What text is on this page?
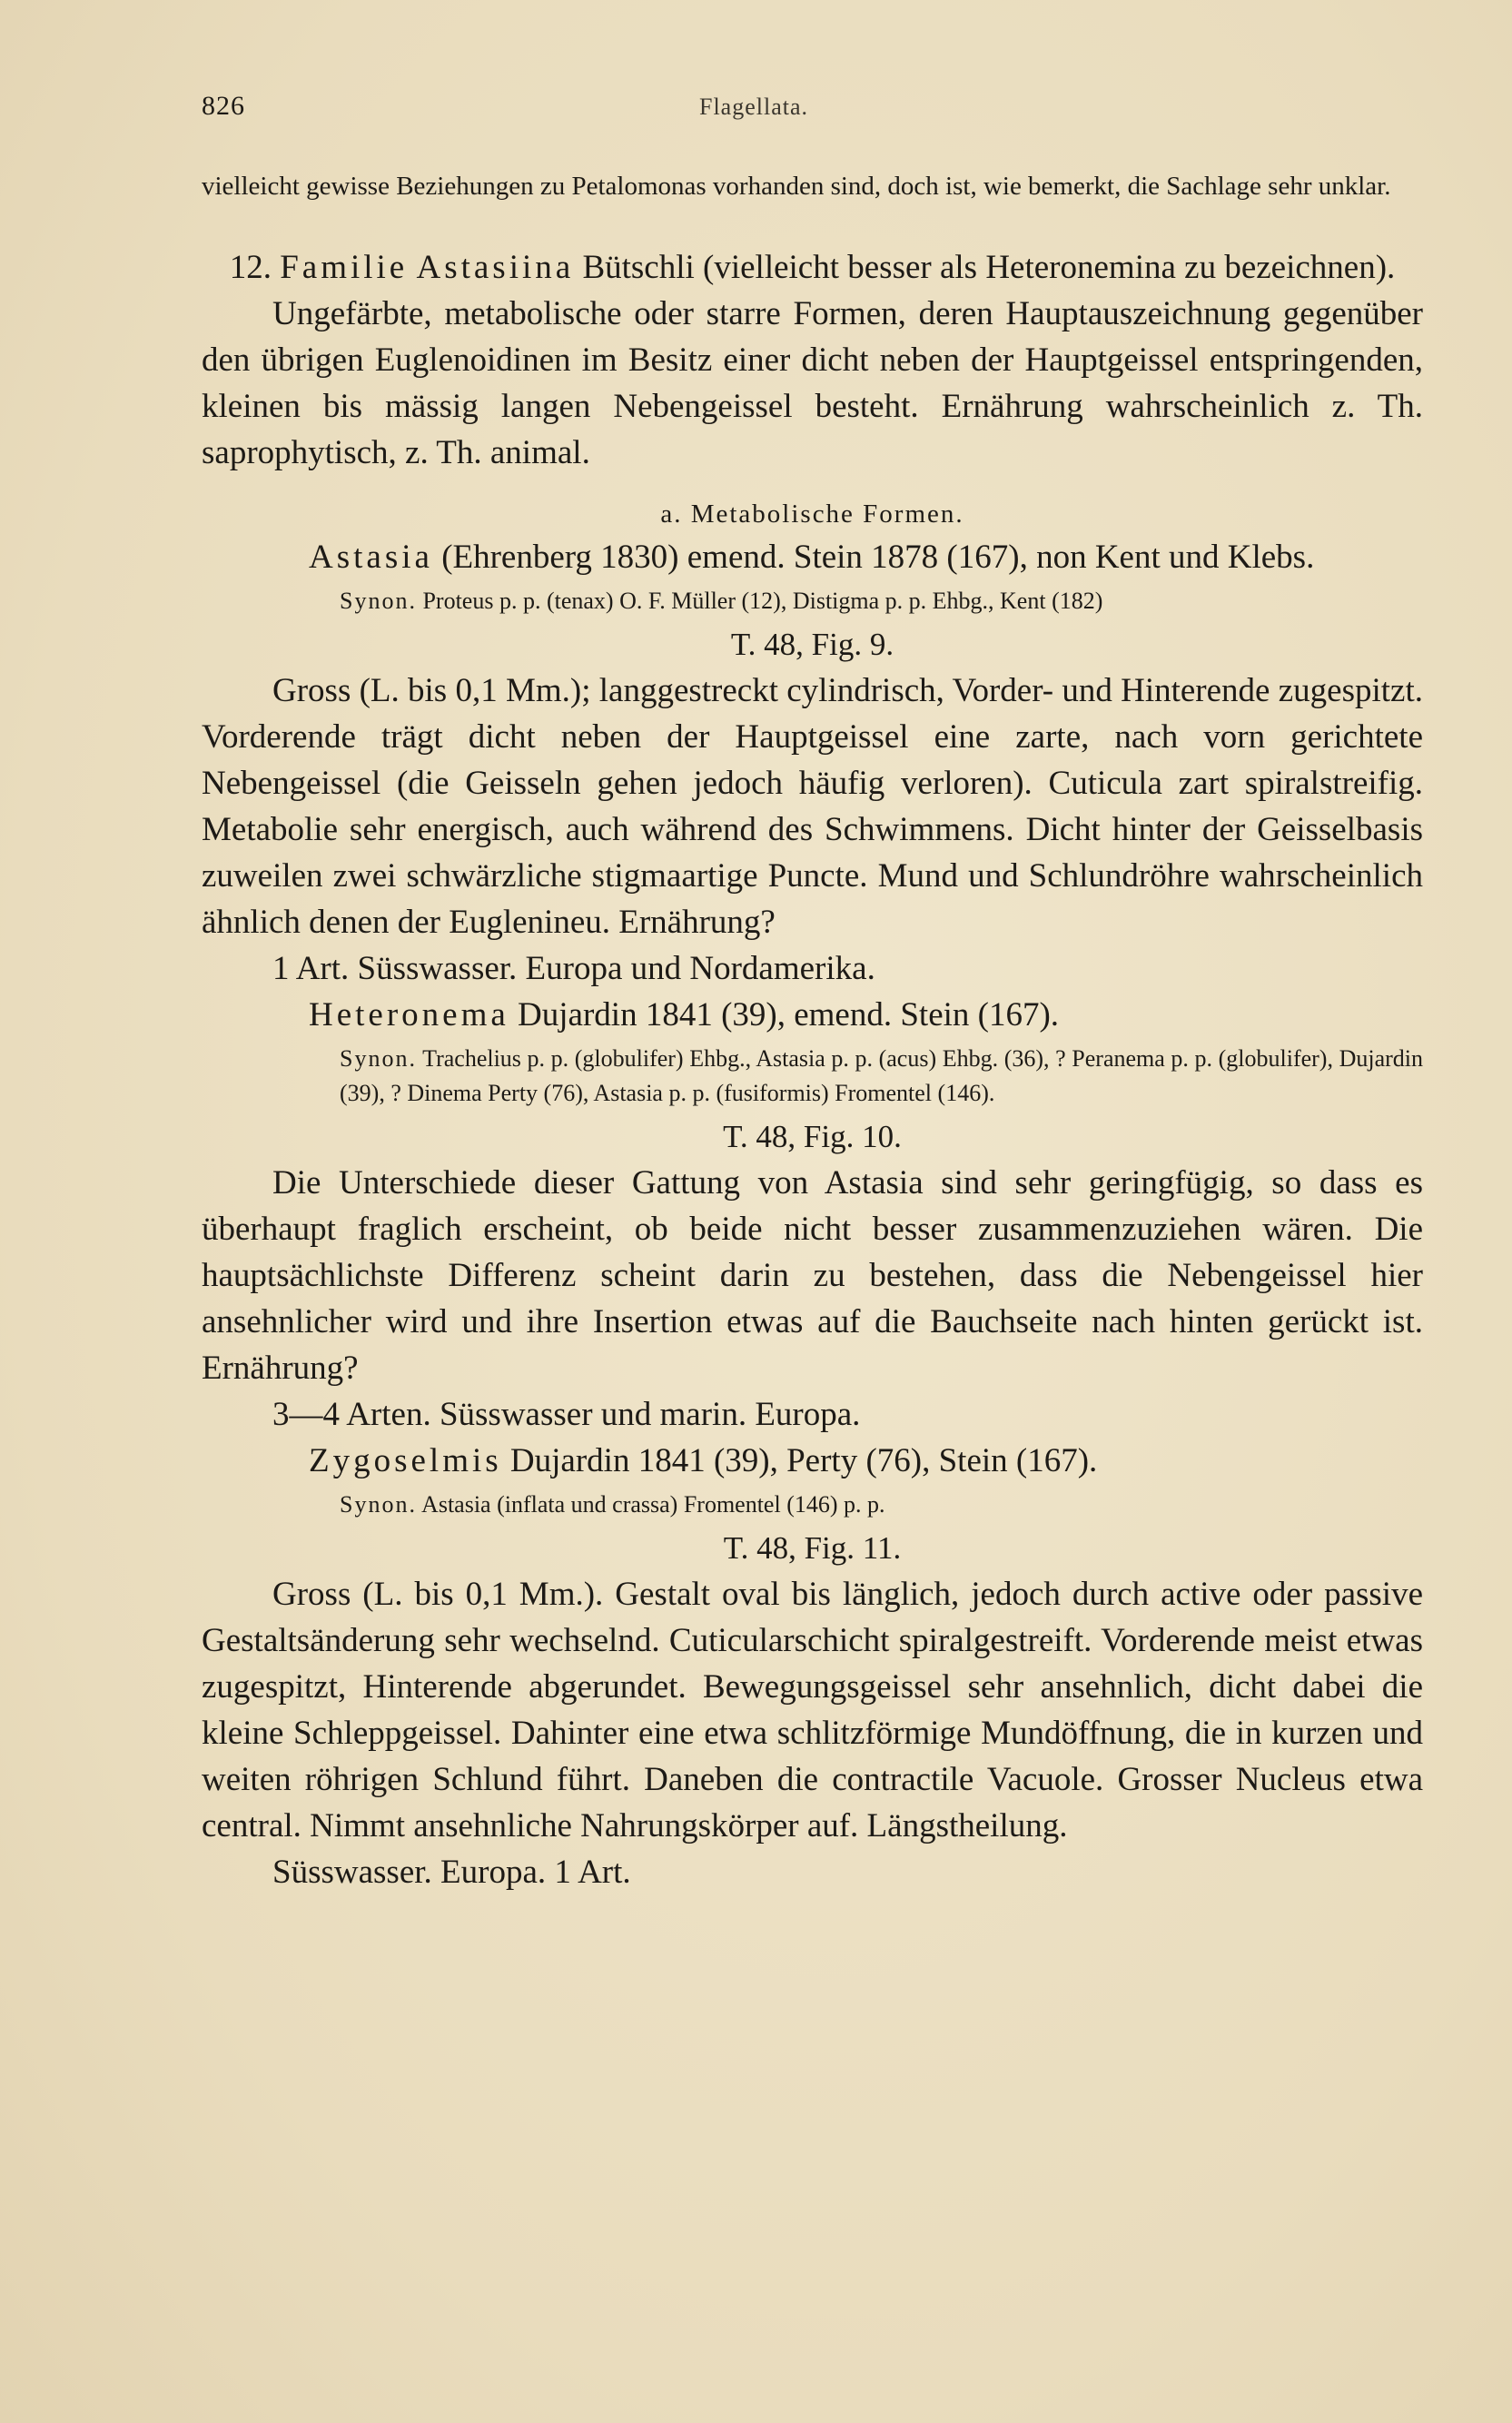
826	Flagellata.

vielleicht gewisse Beziehungen zu Petalomonas vorhanden sind, doch ist, wie bemerkt, die Sachlage sehr unklar.

12. Familie Astasiina Bütschli (vielleicht besser als Heteronemina zu bezeichnen).

Ungefärbte, metabolische oder starre Formen, deren Hauptauszeichnung gegenüber den übrigen Euglenoidinen im Besitz einer dicht neben der Hauptgeissel entspringenden, kleinen bis mässig langen Nebengeissel besteht. Ernährung wahrscheinlich z. Th. saprophytisch, z. Th. animal.

a. Metabolische Formen.

Astasia (Ehrenberg 1830) emend. Stein 1878 (167), non Kent und Klebs.

Synon. Proteus p. p. (tenax) O. F. Müller (12), Distigma p. p. Ehbg., Kent (182)

T. 48, Fig. 9.

Gross (L. bis 0,1 Mm.); langgestreckt cylindrisch, Vorder- und Hinterende zugespitzt. Vorderende trägt dicht neben der Hauptgeissel eine zarte, nach vorn gerichtete Nebengeissel (die Geisseln gehen jedoch häufig verloren). Cuticula zart spiralstreifig. Metabolie sehr energisch, auch während des Schwimmens. Dicht hinter der Geisselbasis zuweilen zwei schwärzliche stigmaartige Puncte. Mund und Schlundröhre wahrscheinlich ähnlich denen der Euglenineu. Ernährung?

1 Art. Süsswasser. Europa und Nordamerika.

Heteronema Dujardin 1841 (39), emend. Stein (167).

Synon. Trachelius p. p. (globulifer) Ehbg., Astasia p. p. (acus) Ehbg. (36), ? Peranema p. p. (globulifer), Dujardin (39), ? Dinema Perty (76), Astasia p. p. (fusiformis) Fromentel (146).

T. 48, Fig. 10.

Die Unterschiede dieser Gattung von Astasia sind sehr geringfügig, so dass es überhaupt fraglich erscheint, ob beide nicht besser zusammenzuziehen wären. Die hauptsächlichste Differenz scheint darin zu bestehen, dass die Nebengeissel hier ansehnlicher wird und ihre Insertion etwas auf die Bauchseite nach hinten gerückt ist. Ernährung?

3—4 Arten. Süsswasser und marin. Europa.

Zygoselmis Dujardin 1841 (39), Perty (76), Stein (167).

Synon. Astasia (inflata und crassa) Fromentel (146) p. p.

T. 48, Fig. 11.

Gross (L. bis 0,1 Mm.). Gestalt oval bis länglich, jedoch durch active oder passive Gestaltsänderung sehr wechselnd. Cuticularschicht spiralgestreift. Vorderende meist etwas zugespitzt, Hinterende abgerundet. Bewegungsgeissel sehr ansehnlich, dicht dabei die kleine Schleppgeissel. Dahinter eine etwa schlitzförmige Mundöffnung, die in kurzen und weiten röhrigen Schlund führt. Daneben die contractile Vacuole. Grosser Nucleus etwa central. Nimmt ansehnliche Nahrungskörper auf. Längstheilung.

Süsswasser. Europa. 1 Art.
